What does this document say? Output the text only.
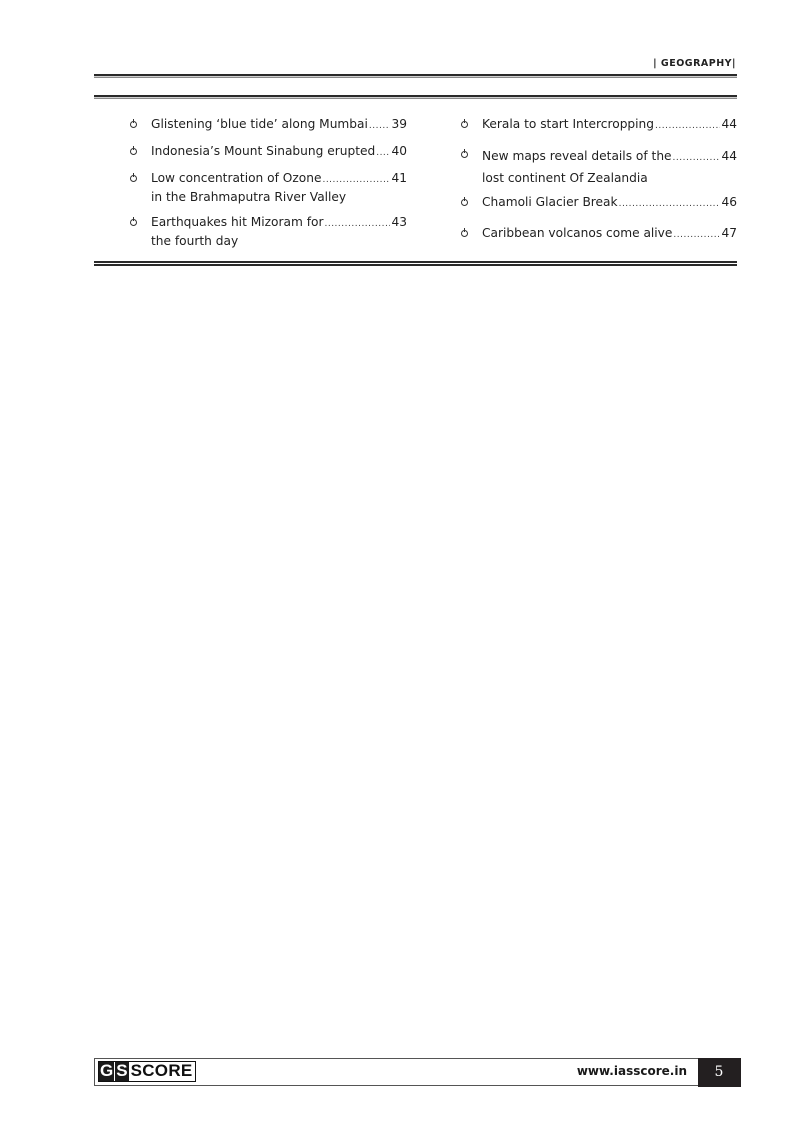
| GEOGRAPHY|
Glistening ‘blue tide’ along Mumbai ..... 39
Indonesia’s Mount Sinabung erupted ..... 40
Low concentration of Ozone .....	41
in the Brahmaputra River Valley
Earthquakes hit Mizoram for .....	43
the fourth day
Kerala to start Intercropping .....	44
New maps reveal details of the .....	44
lost continent Of Zealandia
Chamoli Glacier Break .....	46
Caribbean volcanos come alive .....	47
G S SCORE	www.iasscore.in	5
